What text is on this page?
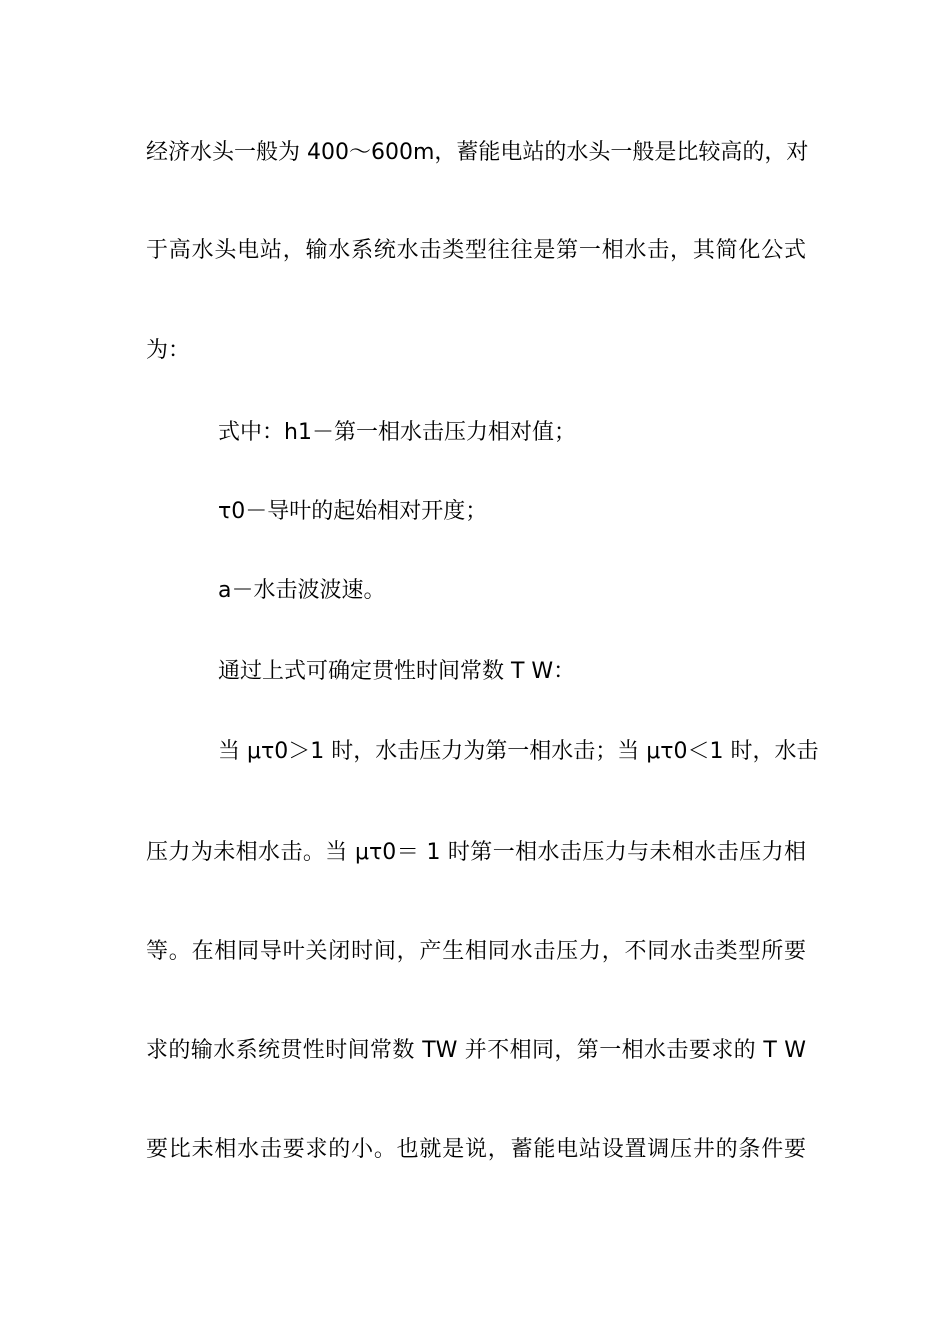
经济水头一般为 400～600m，蓄能电站的水头一般是比较高的，对
于高水头电站，输水系统水击类型往往是第一相水击，其简化公式
为：
式中：h1－第一相水击压力相对值；
τ0－导叶的起始相对开度；
a－水击波波速。
通过上式可确定贯性时间常数 T W：
当 μτ0＞1 时，水击压力为第一相水击；当 μτ0＜1 时，水击
压力为未相水击。当 μτ0＝ 1 时第一相水击压力与未相水击压力相
等。在相同导叶关闭时间，产生相同水击压力，不同水击类型所要
求的输水系统贯性时间常数 TW 并不相同，第一相水击要求的 T W
要比未相水击要求的小。也就是说，蓄能电站设置调压井的条件要
